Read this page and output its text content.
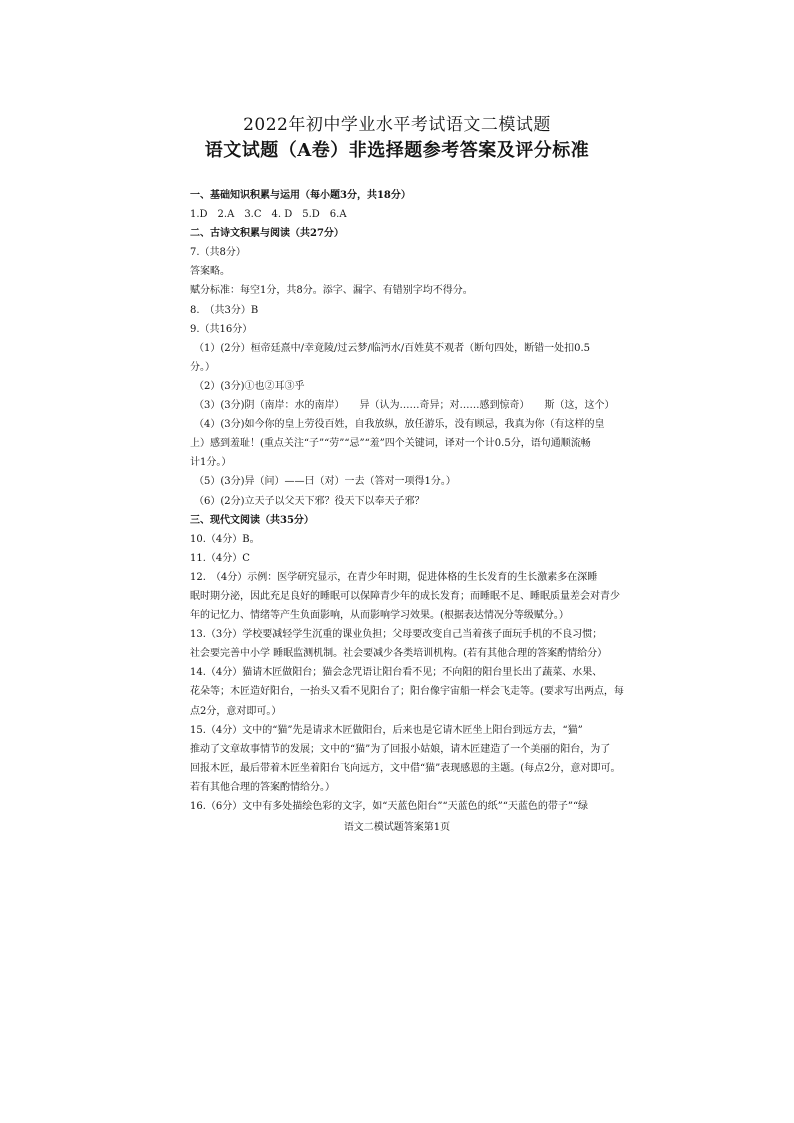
2022年初中学业水平考试语文二模试题
语文试题（A卷）非选择题参考答案及评分标准
一、基础知识积累与运用（每小题3分，共18分）
1.D　2.A　3.C　4. D　5.D　6.A
二、古诗文积累与阅读（共27分）
7.（共8分）
答案略。
赋分标准：每空1分，共8分。添字、漏字、有错别字均不得分。
8.　（共3分）B
9.（共16分）
（1）(2分）桓帝廷熹中/幸竟陵/过云梦/临沔水/百姓莫不观者（断句四处，断错一处扣0.5
分。）
（2）(3分)①也②耳③乎
（3）(3分)阴（南岸：水的南岸）　　异（认为……奇异；对……感到惊奇）　　斯（这，这个）
（4）(3分)如今你的皇上劳役百姓，自我放纵，放任游乐，没有顾忌，我真为你（有这样的皇
上）感到羞耻！(重点关注“子”“劳”“忌”“羞”四个关键词，译对一个计0.5分，语句通顺流畅
计1分。）
（5）(3分)异（问）——曰（对）一去（答对一项得1分。）
（6）(2分)立天子以父天下邪？役天下以奉天子邪？
三、现代文阅读（共35分）
10.（4分）B。
11.（4分）C
12.　（4分）示例：医学研究显示，在青少年时期，促进体格的生长发育的生长激素多在深睡
眠时期分泌，因此充足良好的睡眠可以保障青少年的成长发育；而睡眠不足、睡眠质量差会对青少
年的记忆力、情绪等产生负面影响，从而影响学习效果。(根据表达情况分等级赋分。）
13.（3分）学校要减轻学生沉重的课业负担；父母要改变自己当着孩子面玩手机的不良习惯；
社会要完善中小学 睡眠监测机制。社会要减少各类培训机构。(若有其他合理的答案酌情给分）
14.（4分）猫请木匠做阳台；猫会念咒语让阳台看不见；不向阳的阳台里长出了蔬菜、水果、
花朵等；木匠造好阳台，一抬头又看不见阳台了；阳台像宇宙船一样会飞走等。(要求写出两点，每
点2分，意对即可。）
15.（4分）文中的“猫”先是请求木匠做阳台，后来也是它请木匠坐上阳台到远方去，“猫”
推动了文章故事情节的发展；文中的“猫”为了回报小姑娘，请木匠建造了一个美丽的阳台，为了
回报木匠，最后带着木匠坐着阳台飞向远方，文中借“猫”表现感恩的主题。(每点2分，意对即可。
若有其他合理的答案酌情给分。）
16.（6分）文中有多处描绘色彩的文字，如“天蓝色阳台”“天蓝色的纸”“天蓝色的带子”“绿
语文二模试题答案第1页
